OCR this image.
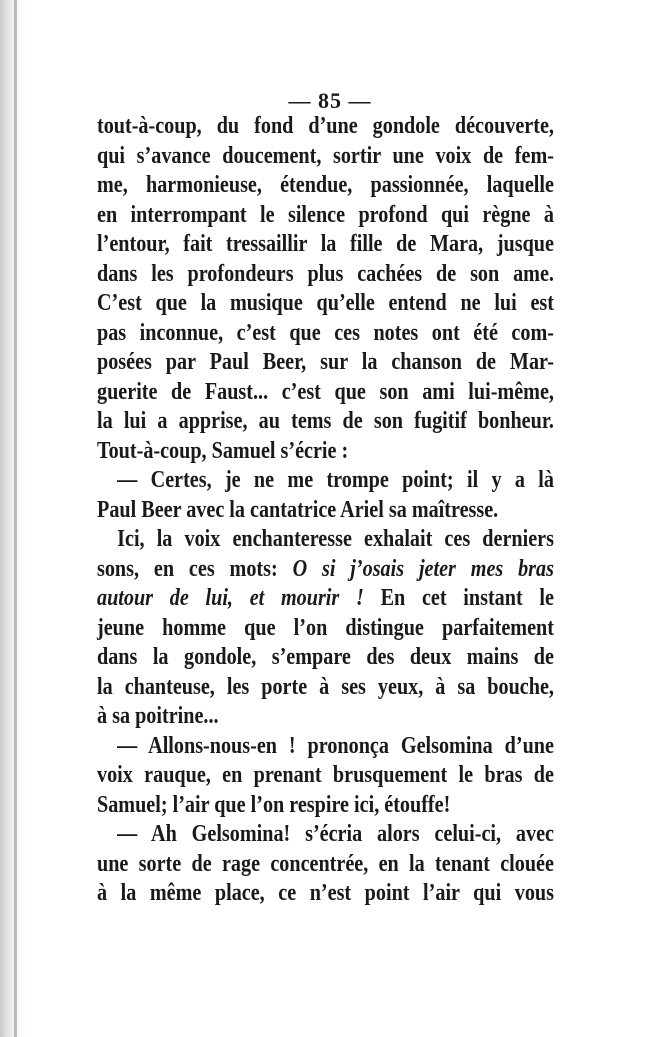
— 85 —
tout-à-coup, du fond d’une gondole découverte,
qui s’avance doucement, sortir une voix de fem-
me, harmonieuse, étendue, passionnée, laquelle
en interrompant le silence profond qui règne à
l’entour, fait tressaillir la fille de Mara, jusque
dans les profondeurs plus cachées de son ame.
C’est que la musique qu’elle entend ne lui est
pas inconnue, c’est que ces notes ont été com-
posées par Paul Beer, sur la chanson de Mar-
guerite de Faust... c’est que son ami lui-même,
la lui a apprise, au tems de son fugitif bonheur.
Tout-à-coup, Samuel s’écrie :
— Certes, je ne me trompe point; il y a là
Paul Beer avec la cantatrice Ariel sa maîtresse.
Ici, la voix enchanteresse exhalait ces derniers
sons, en ces mots: O si j’osais jeter mes bras
autour de lui, et mourir ! En cet instant le
jeune homme que l’on distingue parfaitement
dans la gondole, s’empare des deux mains de
la chanteuse, les porte à ses yeux, à sa bouche,
à sa poitrine...
— Allons-nous-en ! prononça Gelsomina d’une
voix rauque, en prenant brusquement le bras de
Samuel; l’air que l’on respire ici, étouffe!
— Ah Gelsomina! s’écria alors celui-ci, avec
une sorte de rage concentrée, en la tenant clouée
à la même place, ce n’est point l’air qui vous
